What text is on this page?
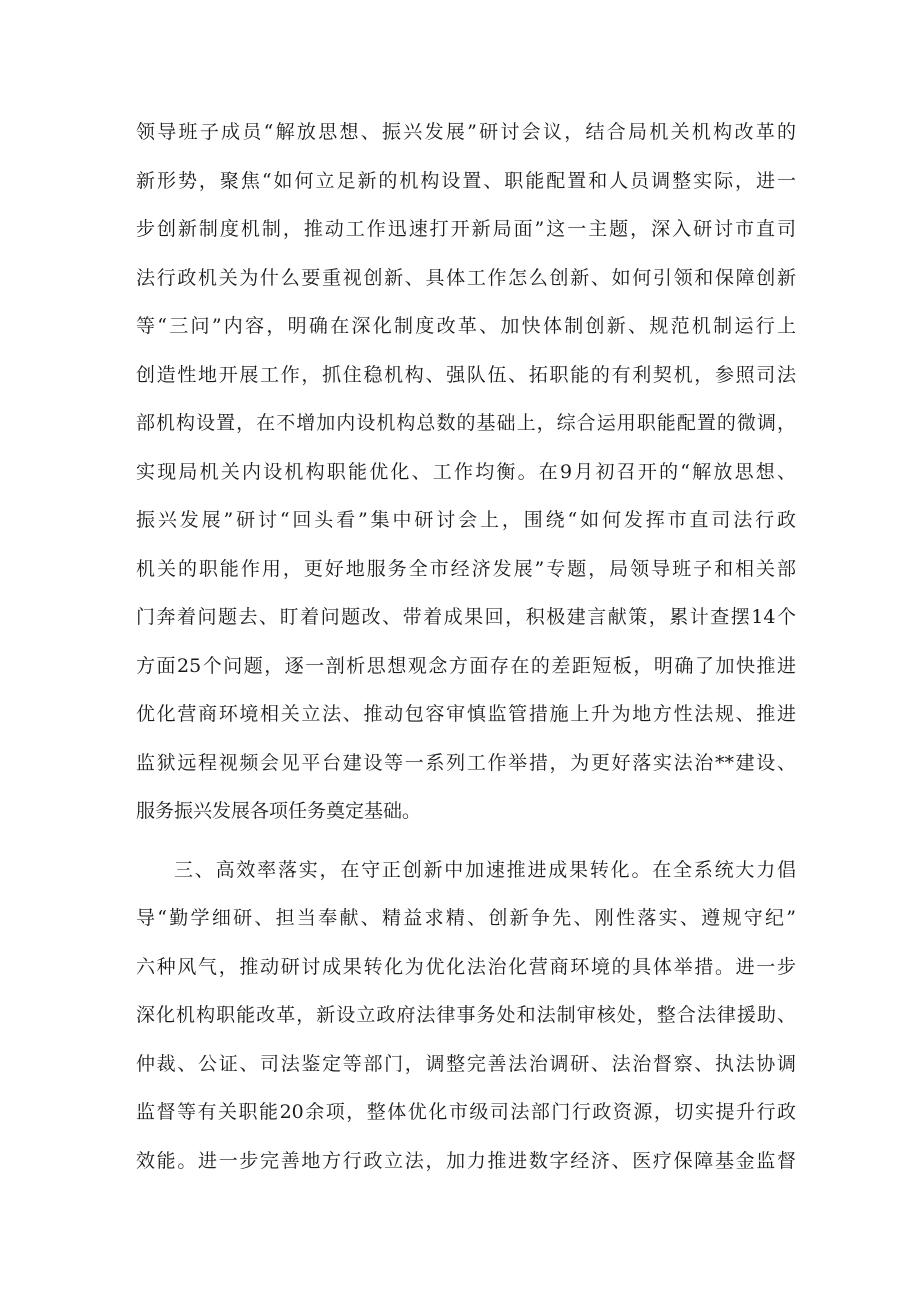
领导班子成员“解放思想、振兴发展”研讨会议，结合局机关机构改革的

新形势，聚焦“如何立足新的机构设置、职能配置和人员调整实际，进一

步创新制度机制，推动工作迅速打开新局面”这一主题，深入研讨市直司

法行政机关为什么要重视创新、具体工作怎么创新、如何引领和保障创新

等“三问”内容，明确在深化制度改革、加快体制创新、规范机制运行上

创造性地开展工作，抓住稳机构、强队伍、拓职能的有利契机，参照司法

部机构设置，在不增加内设机构总数的基础上，综合运用职能配置的微调，

实现局机关内设机构职能优化、工作均衡。在9月初召开的“解放思想、

振兴发展”研讨“回头看”集中研讨会上，围绕“如何发挥市直司法行政

机关的职能作用，更好地服务全市经济发展”专题，局领导班子和相关部

门奔着问题去、盯着问题改、带着成果回，积极建言献策，累计查摆14个

方面25个问题，逐一剖析思想观念方面存在的差距短板，明确了加快推进

优化营商环境相关立法、推动包容审慎监管措施上升为地方性法规、推进

监狱远程视频会见平台建设等一系列工作举措，为更好落实法治**建设、

服务振兴发展各项任务奠定基础。

三、高效率落实，在守正创新中加速推进成果转化。在全系统大力倡

导“勤学细研、担当奉献、精益求精、创新争先、刚性落实、遵规守纪”

六种风气，推动研讨成果转化为优化法治化营商环境的具体举措。进一步

深化机构职能改革，新设立政府法律事务处和法制审核处，整合法律援助、

仲裁、公证、司法鉴定等部门，调整完善法治调研、法治督察、执法协调

监督等有关职能20余项，整体优化市级司法部门行政资源，切实提升行政

效能。进一步完善地方行政立法，加力推进数字经济、医疗保障基金监督
